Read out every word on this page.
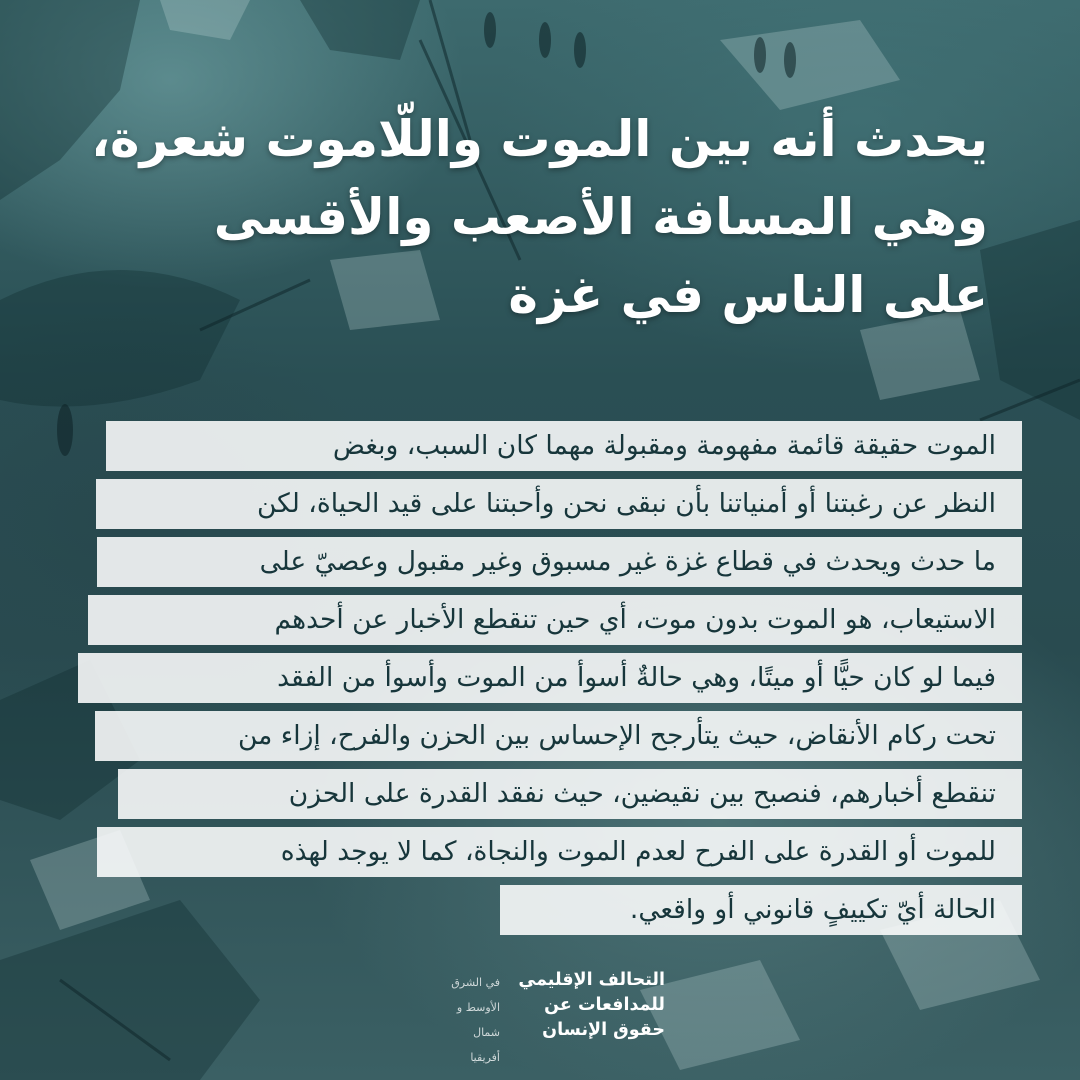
يحدث أنه بين الموت واللّاموت شعرة،
وهي المسافة الأصعب والأقسى
على الناس في غزة
الموت حقيقة قائمة مفهومة ومقبولة مهما كان السبب، وبغض
النظر عن رغبتنا أو أمنياتنا بأن نبقى نحن وأحبتنا على قيد الحياة، لكن
ما حدث ويحدث في قطاع غزة غير مسبوق وغير مقبول وعصيّ على
الاستيعاب، هو الموت بدون موت، أي حين تنقطع الأخبار عن أحدهم
فيما لو كان حيًّا أو ميتًا، وهي حالةٌ أسوأ من الموت وأسوأ من الفقد
تحت ركام الأنقاض، حيث يتأرجح الإحساس بين الحزن والفرح، إزاء من
تنقطع أخبارهم، فنصبح بين نقيضين، حيث نفقد القدرة على الحزن
للموت أو القدرة على الفرح لعدم الموت والنجاة، كما لا يوجد لهذه
الحالة أيّ تكييفٍ قانوني أو واقعي.
التحالف الإقليمي
للمدافعات عن
حقوق الإنسان
في الشرق
الأوسط و
شمال
أفريقيا
